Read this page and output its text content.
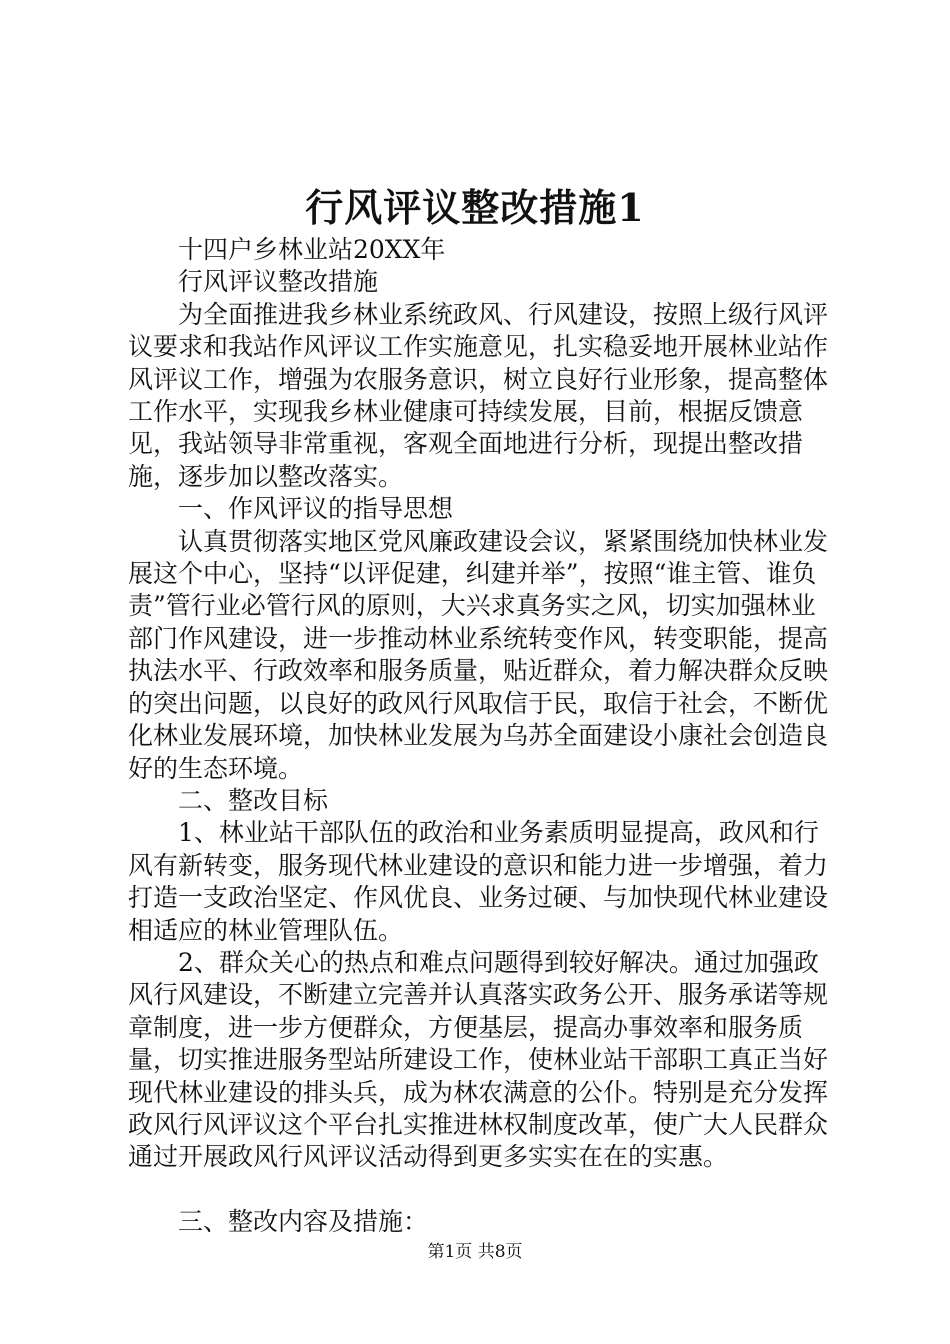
行风评议整改措施1

十四户乡林业站20XX年

行风评议整改措施

为全面推进我乡林业系统政风、行风建设，按照上级行风评议要求和我站作风评议工作实施意见，扎实稳妥地开展林业站作风评议工作，增强为农服务意识，树立良好行业形象，提高整体工作水平，实现我乡林业健康可持续发展，目前，根据反馈意见，我站领导非常重视，客观全面地进行分析，现提出整改措施，逐步加以整改落实。

一、作风评议的指导思想

认真贯彻落实地区党风廉政建设会议，紧紧围绕加快林业发展这个中心，坚持“以评促建，纠建并举”，按照“谁主管、谁负责”管行业必管行风的原则，大兴求真务实之风，切实加强林业部门作风建设，进一步推动林业系统转变作风，转变职能，提高执法水平、行政效率和服务质量，贴近群众，着力解决群众反映的突出问题，以良好的政风行风取信于民，取信于社会，不断优化林业发展环境，加快林业发展为乌苏全面建设小康社会创造良好的生态环境。

二、整改目标

1、林业站干部队伍的政治和业务素质明显提高，政风和行风有新转变，服务现代林业建设的意识和能力进一步增强，着力打造一支政治坚定、作风优良、业务过硬、与加快现代林业建设相适应的林业管理队伍。

2、群众关心的热点和难点问题得到较好解决。通过加强政风行风建设，不断建立完善并认真落实政务公开、服务承诺等规章制度，进一步方便群众，方便基层，提高办事效率和服务质量，切实推进服务型站所建设工作，使林业站干部职工真正当好现代林业建设的排头兵，成为林农满意的公仆。特别是充分发挥政风行风评议这个平台扎实推进林权制度改革，使广大人民群众通过开展政风行风评议活动得到更多实实在在的实惠。

三、整改内容及措施：

第1页 共8页
